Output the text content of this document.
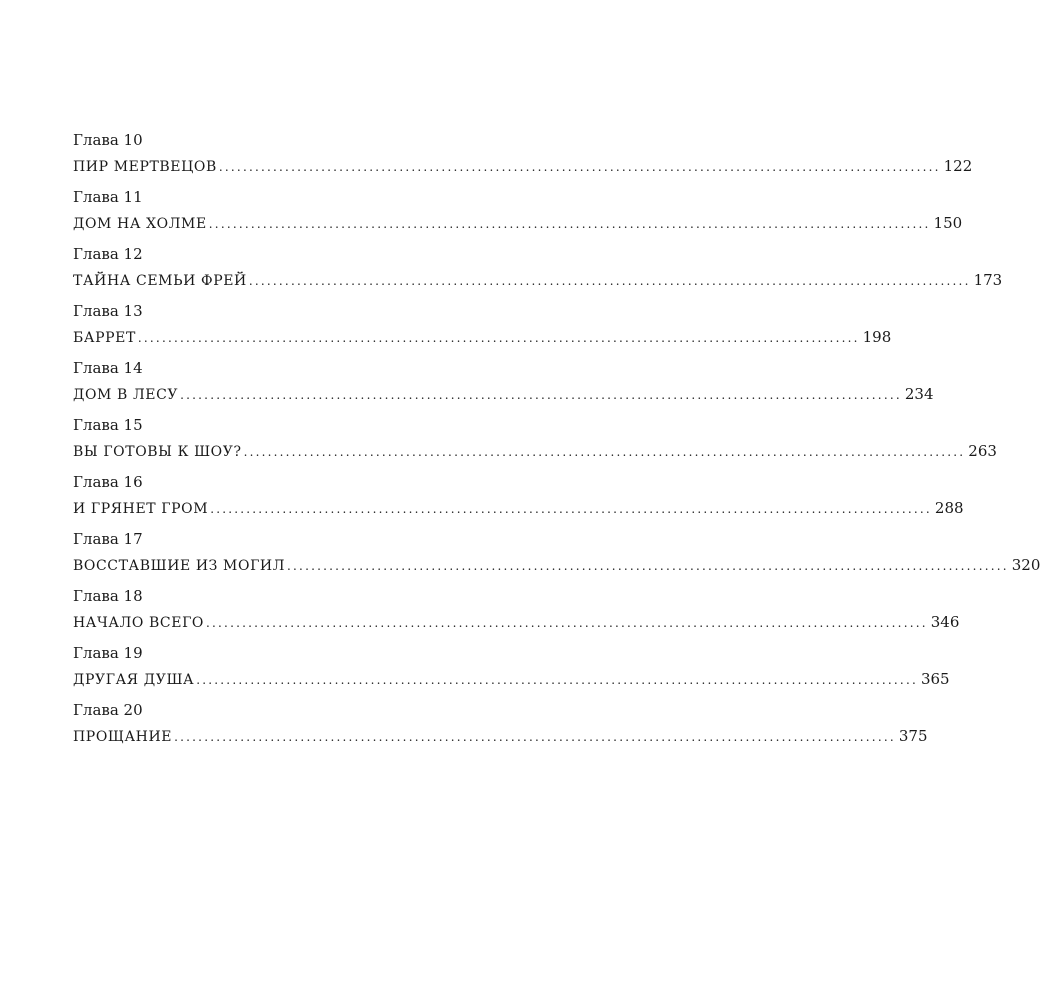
Глава 10
ПИР МЕРТВЕЦОВ ........................................................................................................................ 122
Глава 11
ДОМ НА ХОЛМЕ ........................................................................................................................ 150
Глава 12
ТАЙНА СЕМЬИ ФРЕЙ ........................................................................................................................ 173
Глава 13
БАРРЕТ ........................................................................................................................ 198
Глава 14
ДОМ В ЛЕСУ ........................................................................................................................ 234
Глава 15
ВЫ ГОТОВЫ К ШОУ? ........................................................................................................................ 263
Глава 16
И ГРЯНЕТ ГРОМ ........................................................................................................................ 288
Глава 17
ВОССТАВШИЕ ИЗ МОГИЛ ........................................................................................................................ 320
Глава 18
НАЧАЛО ВСЕГО ........................................................................................................................ 346
Глава 19
ДРУГАЯ ДУША ........................................................................................................................ 365
Глава 20
ПРОЩАНИЕ ........................................................................................................................ 375
